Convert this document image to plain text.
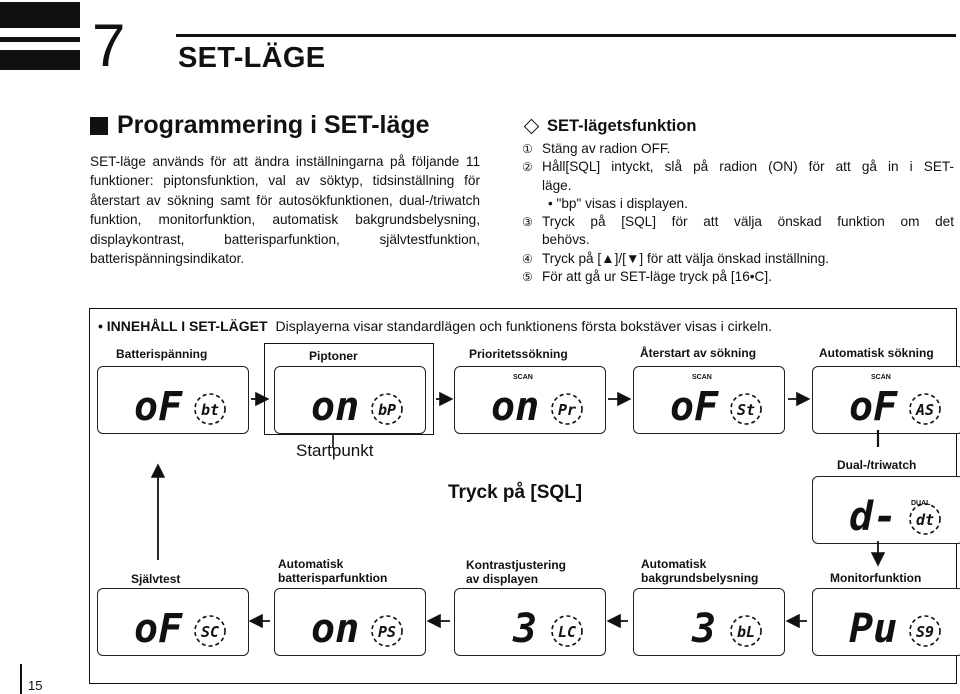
7 SET-LÄGE
Programmering i SET-läge
SET-läge används för att ändra inställningarna på följande 11 funktioner: piptonsfunktion, val av söktyp, tidsinställning för återstart av sökning samt för autosökfunktionen, dual-/triwatch funktion, monitorfunktion, automatisk bakgrundsbelysning, displaykontrast, batterisparfunktion, självtestfunktion, batterispänningsindikator.
SET-lägetsfunktion
① Stäng av radion OFF.
② Håll[SQL] intyckt, slå på radion (ON) för att gå in i SET-
läge.
• "bp" visas i displayen.
③ Tryck på [SQL] för att välja önskad funktion om det
behövs.
④ Tryck på [▲]/[▼] för att välja önskad inställning.
⑤ För att gå ur SET-läge tryck på [16•C].
• INNEHÅLL I SET-LÄGET Displayerna visar standardlägen och funktionens första bokstäver visas i cirkeln.
Batterispänning	Piptoner	Prioritetssökning	Återstart av sökning	Automatisk sökning
Dual-/triwatch
Monitorfunktion
Automatisk bakgrundsbelysning
Kontrastjustering av displayen
Automatisk batterisparfunktion
Självtest
oF bt on bP on Pr
SCAN
oF St
SCAN
oF AS
SCAN
d- dt
DUAL
Pu S9
3 bL
3 LC
on PS
oF SC
Startpunkt
Tryck på [SQL]
15
